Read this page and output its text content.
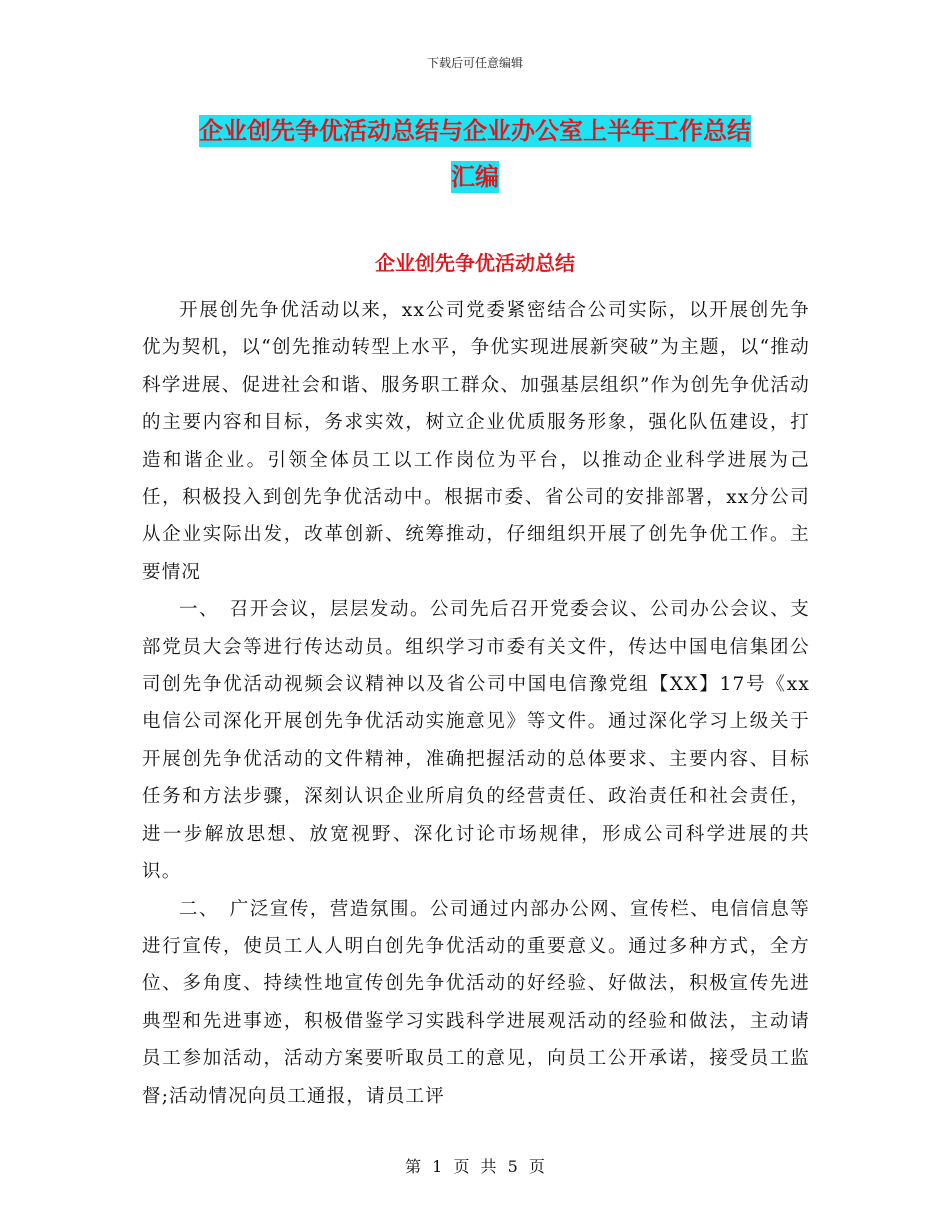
下载后可任意编辑
企业创先争优活动总结与企业办公室上半年工作总结
汇编
企业创先争优活动总结

开展创先争优活动以来，xx公司党委紧密结合公司实际，以开展创先争优为契机，以“创先推动转型上水平，争优实现进展新突破”为主题，以“推动科学进展、促进社会和谐、服务职工群众、加强基层组织”作为创先争优活动的主要内容和目标，务求实效，树立企业优质服务形象，强化队伍建设，打造和谐企业。引领全体员工以工作岗位为平台，以推动企业科学进展为己任，积极投入到创先争优活动中。根据市委、省公司的安排部署，xx分公司从企业实际出发，改革创新、统筹推动，仔细组织开展了创先争优工作。主要情况

一、　召开会议，层层发动。公司先后召开党委会议、公司办公会议、支部党员大会等进行传达动员。组织学习市委有关文件，传达中国电信集团公司创先争优活动视频会议精神以及省公司中国电信豫党组【XX】17号《xx电信公司深化开展创先争优活动实施意见》等文件。通过深化学习上级关于开展创先争优活动的文件精神，准确把握活动的总体要求、主要内容、目标任务和方法步骤，深刻认识企业所肩负的经营责任、政治责任和社会责任，进一步解放思想、放宽视野、深化讨论市场规律，形成公司科学进展的共识。

二、　广泛宣传，营造氛围。公司通过内部办公网、宣传栏、电信信息等进行宣传，使员工人人明白创先争优活动的重要意义。通过多种方式，全方位、多角度、持续性地宣传创先争优活动的好经验、好做法，积极宣传先进典型和先进事迹，积极借鉴学习实践科学进展观活动的经验和做法，主动请员工参加活动，活动方案要听取员工的意见，向员工公开承诺，接受员工监督;活动情况向员工通报，请员工评

第 1 页 共 5 页
